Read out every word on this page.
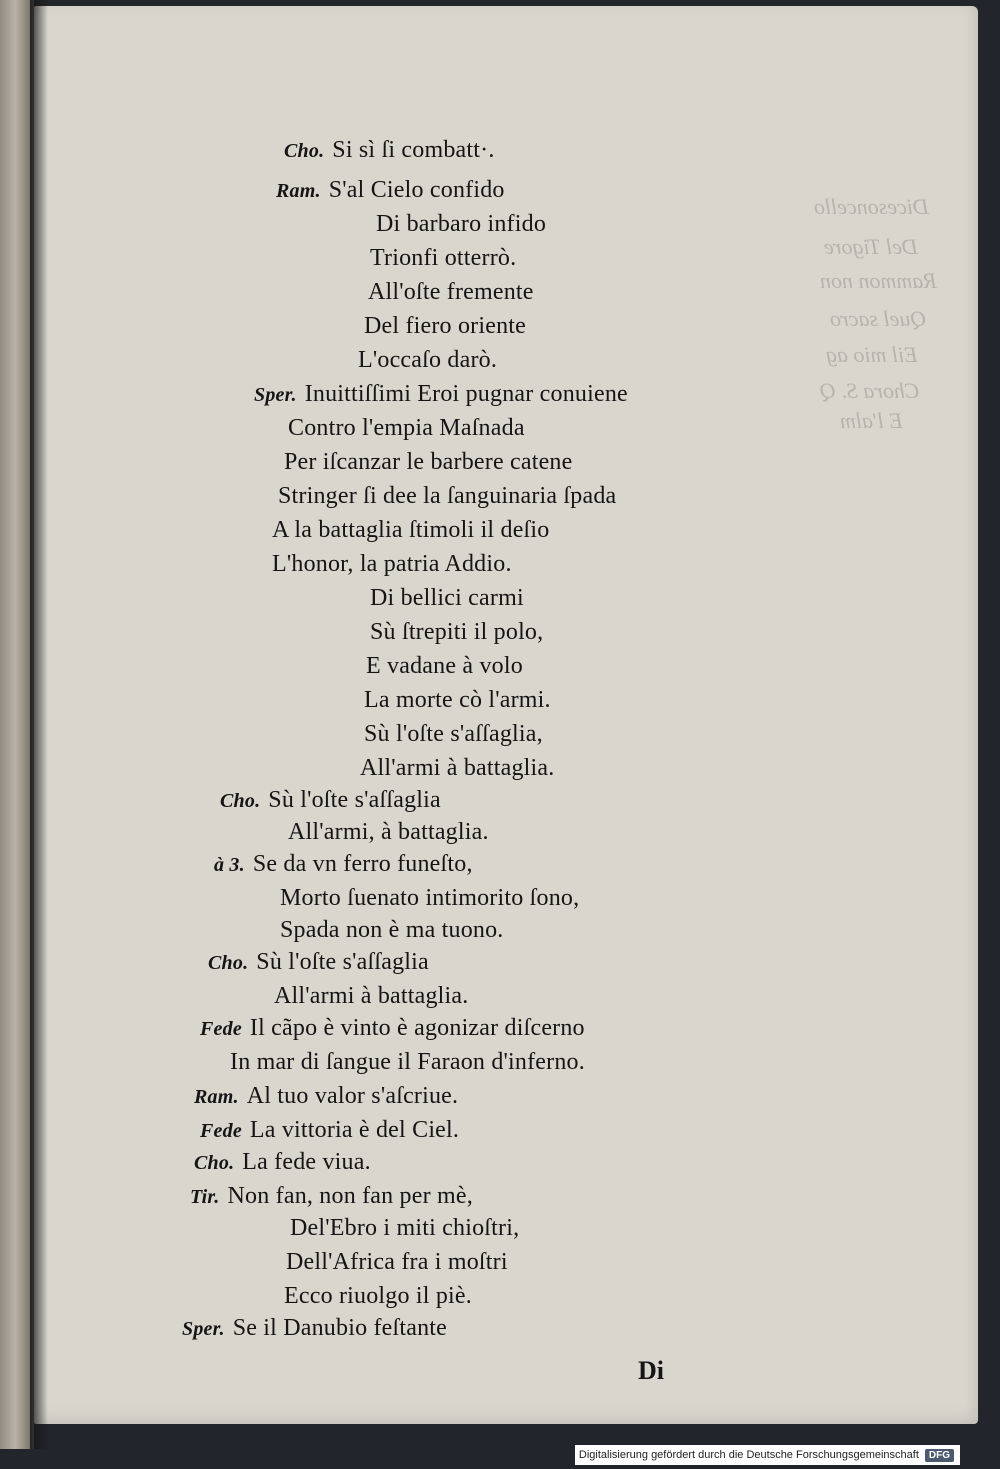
Dicesoncello
Del Tigore
Rammon non
Quel sacro
Eil mio ag
Chora S. Q
E l'alm
Cho. Si sì ſi combatt·.
Ram. S'al Cielo confido
Di barbaro infido
Trionfi otterrò.
All'oſte fremente
Del fiero oriente
L'occaſo darò.
Sper. Inuittiſſimi Eroi pugnar conuiene
Contro l'empia Maſnada
Per iſcanzar le barbere catene
Stringer ſi dee la ſanguinaria ſpada
A la battaglia ſtimoli il deſio
L'honor, la patria Addio.
Di bellici carmi
Sù ſtrepiti il polo,
E vadane à volo
La morte cò l'armi.
Sù l'oſte s'aſſaglia,
All'armi à battaglia.
Cho. Sù l'oſte s'aſſaglia
All'armi, à battaglia.
à 3. Se da vn ferro funeſto,
Morto ſuenato intimorito ſono,
Spada non è ma tuono.
Cho. Sù l'oſte s'aſſaglia
All'armi à battaglia.
Fede Il cãpo è vinto è agonizar diſcerno
In mar di ſangue il Faraon d'inferno.
Ram. Al tuo valor s'aſcriue.
Fede La vittoria è del Ciel.
Cho. La fede viua.
Tir. Non fan, non fan per mè,
Del'Ebro i miti chioſtri,
Dell'Africa fra i moſtri
Ecco riuolgo il piè.
Sper. Se il Danubio feſtante
Di
Digitalisierung gefördert durch die Deutsche Forschungsgemeinschaft	DFG
